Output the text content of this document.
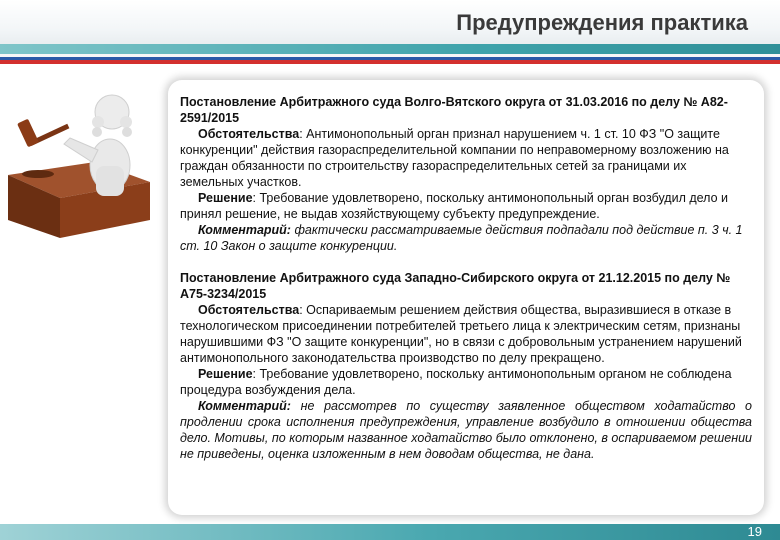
Предупреждения практика

Постановление Арбитражного суда Волго-Вятского округа от 31.03.2016 по делу № А82-2591/2015

Обстоятельства: Антимонопольный орган признал нарушением ч. 1 ст. 10 ФЗ "О защите конкуренции" действия газораспределительной компании по неправомерному возложению на граждан обязанности по строительству газораспределительных сетей за границами их земельных участков.

Решение: Требование удовлетворено, поскольку антимонопольный орган возбудил дело и принял решение, не выдав хозяйствующему субъекту предупреждение.

Комментарий: фактически рассматриваемые действия подпадали под действие п. 3 ч. 1 ст. 10 Закон о защите конкуренции.

Постановление Арбитражного суда Западно-Сибирского округа от 21.12.2015 по делу № А75-3234/2015

Обстоятельства: Оспариваемым решением действия общества, выразившиеся в отказе в технологическом присоединении потребителей третьего лица к электрическим сетям, признаны нарушившими ФЗ "О защите конкуренции", но в связи с добровольным устранением нарушений антимонопольного законодательства производство по делу прекращено.

Решение: Требование удовлетворено, поскольку антимонопольным органом не соблюдена процедура возбуждения дела.

Комментарий: не рассмотрев по существу заявленное обществом ходатайство о продлении срока исполнения предупреждения, управление возбудило в отношении общества дело. Мотивы, по которым названное ходатайство было отклонено, в оспариваемом решении не приведены, оценка изложенным в нем доводам общества, не дана.

19
